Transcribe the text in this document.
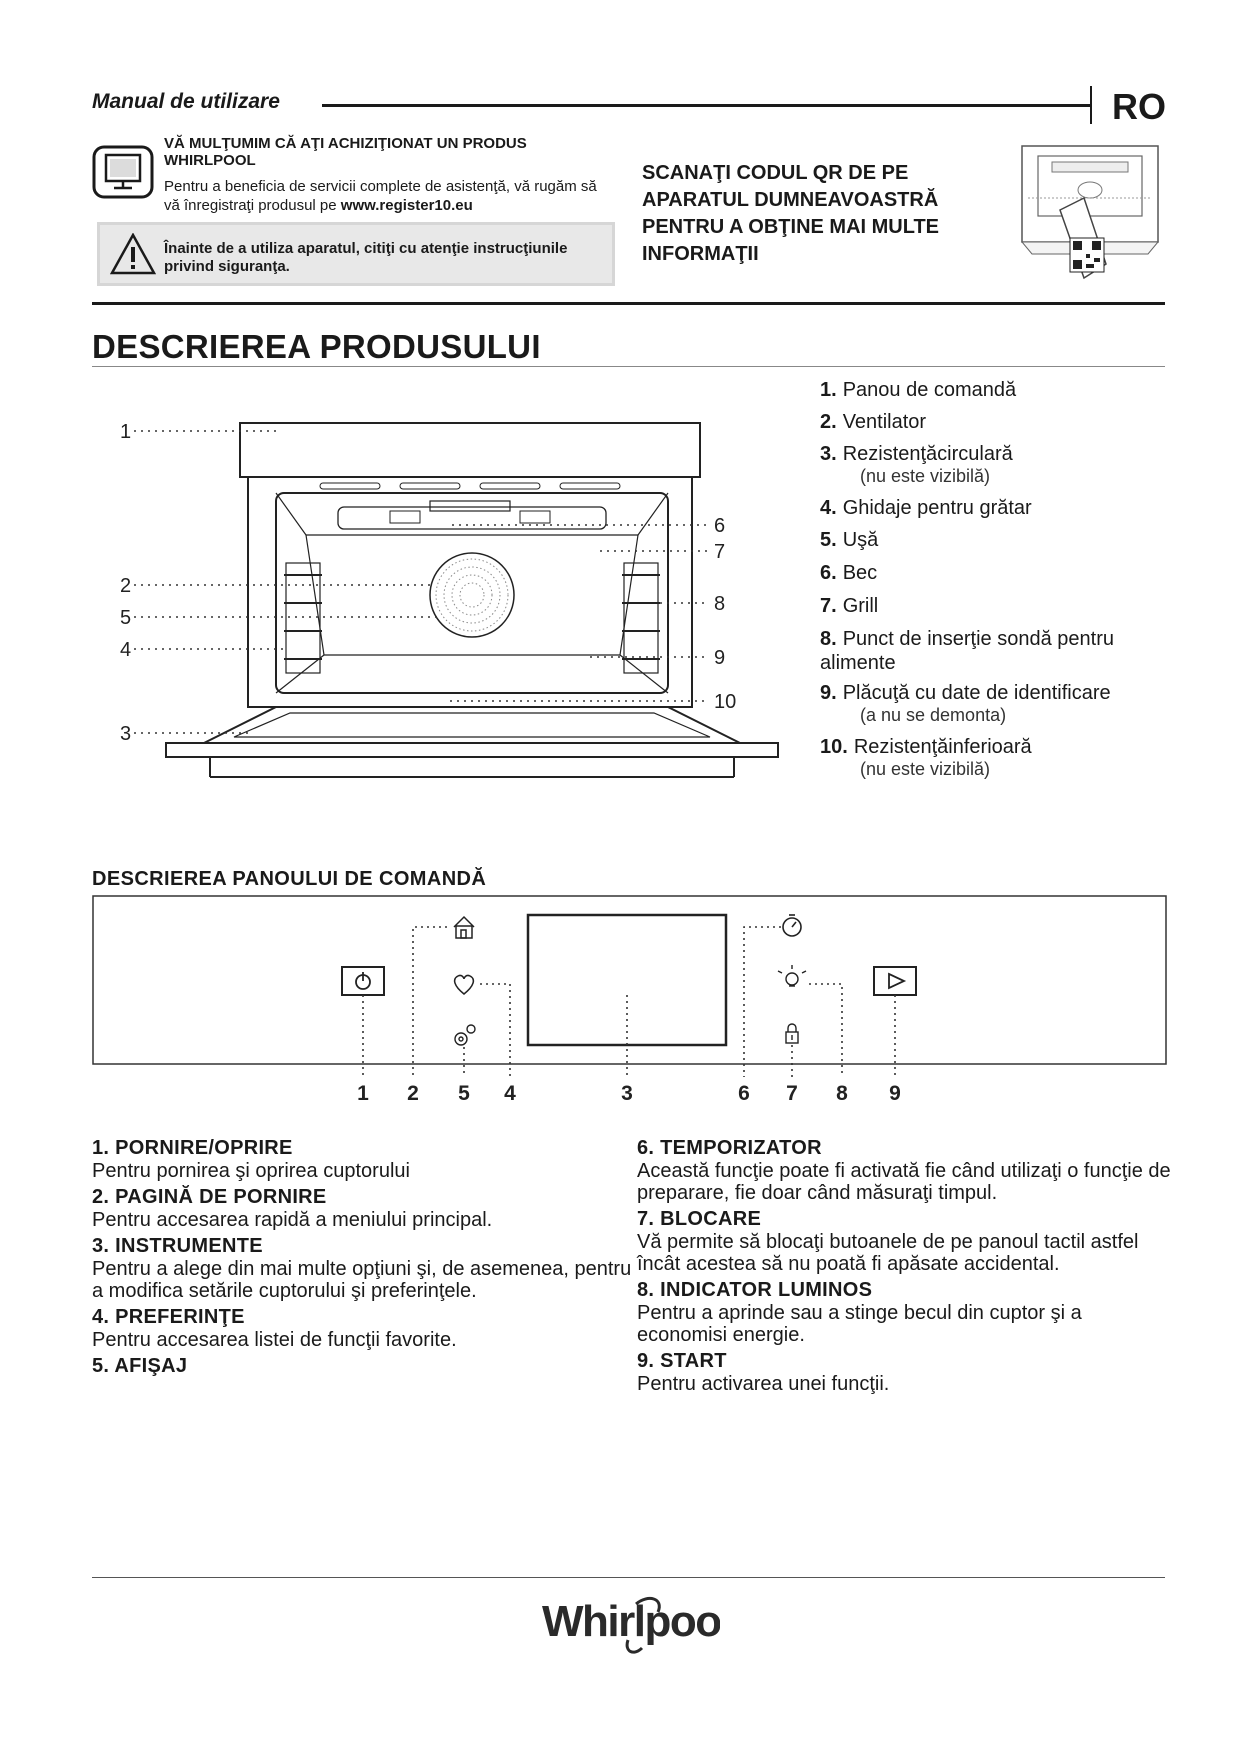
Manual de utilizare	RO
VĂ MULŢUMIM CĂ AŢI ACHIZIŢIONAT UN PRODUS WHIRLPOOL
Pentru a beneficia de servicii complete de asistenţă, vă rugăm să vă înregistraţi produsul pe www.register10.eu
Înainte de a utiliza aparatul, citiţi cu atenţie instrucţiunile privind siguranţa.
SCANAŢI CODUL QR DE PE APARATUL DUMNEAVOASTRĂ PENTRU A OBŢINE MAI MULTE INFORMAŢII
DESCRIEREA PRODUSULUI
1
2
5
4
3
6
7
8
9
10
1. Panou de comandă
2. Ventilator
3. Rezistenţăcirculară
(nu este vizibilă)
4. Ghidaje pentru grătar
5. Uşă
6. Bec
7. Grill
8. Punct de inserţie sondă pentru alimente
9. Plăcuţă cu date de identificare
(a nu se demonta)
10. Rezistenţăinferioară
(nu este vizibilă)
DESCRIEREA PANOULUI DE COMANDĂ
1 2 5 4	3	6 7 8 9
1. PORNIRE/OPRIRE
Pentru pornirea şi oprirea cuptorului
2. PAGINĂ DE PORNIRE
Pentru accesarea rapidă a meniului principal.
3. INSTRUMENTE
Pentru a alege din mai multe opţiuni şi, de asemenea, pentru a modifica setările cuptorului şi preferinţele.
4. PREFERINŢE
Pentru accesarea listei de funcţii favorite.
5. AFIŞAJ
6. TEMPORIZATOR
Această funcţie poate fi activată fie când utilizaţi o funcţie de preparare, fie doar când măsuraţi timpul.
7. BLOCARE
Vă permite să blocaţi butoanele de pe panoul tactil astfel încât acestea să nu poată fi apăsate accidental.
8. INDICATOR LUMINOS
Pentru a aprinde sau a stinge becul din cuptor şi a economisi energie.
9. START
Pentru activarea unei funcţii.
Whirlpool
